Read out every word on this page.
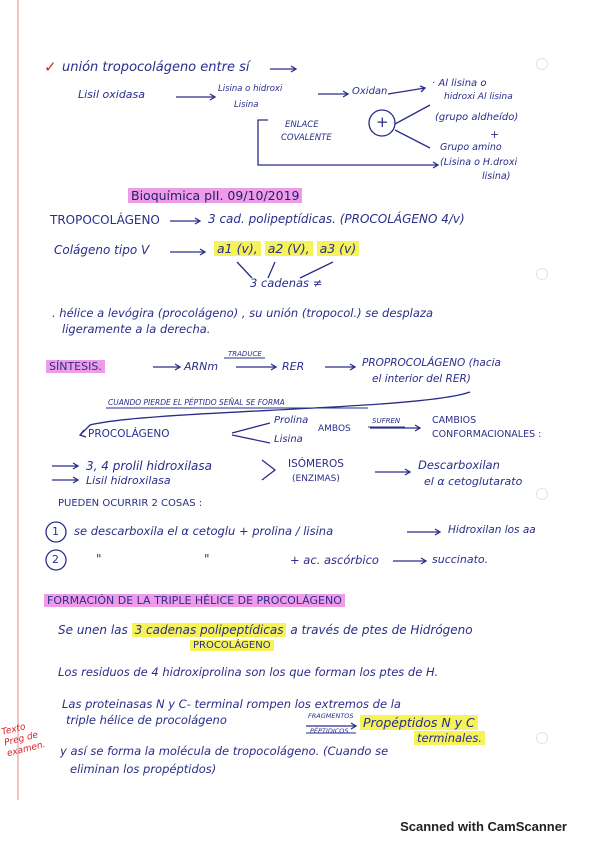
✓ unión tropocolágeno entre sí
Lisil oxidasa	Lisina o hidroxi
Lisina
Oxidan
· Al lisina o
hidroxi Al lisina
(grupo aldheído)
+
ENLACE
COVALENTE
+
Grupo amino
(Lisina o H.droxi
lisina)
Bioquímica pII. 09/10/2019
TROPOCOLÁGENO	3 cad. polipeptídicas. (PROCOLÁGENO 4/v)
Colágeno tipo V	a1 (v), a2 (V), a3 (v)
3 cadenas ≠
. hélice a levógira (procolágeno) , su unión (tropocol.) se desplaza
ligeramente a la derecha.
SÍNTESIS.	ARNm
TRADUCE
RER	PROPROCOLÁGENO (hacia
el interior del RER)
CUANDO PIERDE EL PÉPTIDO SEÑAL SE FORMA
PROCOLÁGENO
Prolina
Lisina
AMBOS
SUFREN	CAMBIOS
CONFORMACIONALES :
3, 4 prolil hidroxilasa
Lisil hidroxilasa
ISÓMEROS
(ENZIMAS)
Descarboxilan
el α cetoglutarato
PUEDEN OCURRIR 2 COSAS :
1 se descarboxila el α cetoglu + prolina / lisina	Hidroxilan los aa
2	"	"	+ ac. ascórbico	succinato.
FORMACIÓN DE LA TRIPLE HÉLICE DE PROCOLÁGENO
Se unen las 3 cadenas polipeptídicas a través de ptes de Hidrógeno
PROCOLÁGENO
Los residuos de 4 hidroxiprolina son los que forman los ptes de H.
Las proteinasas N y C- terminal rompen los extremos de la
triple hélice de procolágeno	FRAGMENTOS
PÉPTIDICOS
Propéptidos N y C
terminales.
y así se forma la molécula de tropocolágeno. (Cuando se
eliminan los propéptidos)
Texto Preg de examen.
Scanned with CamScanner
